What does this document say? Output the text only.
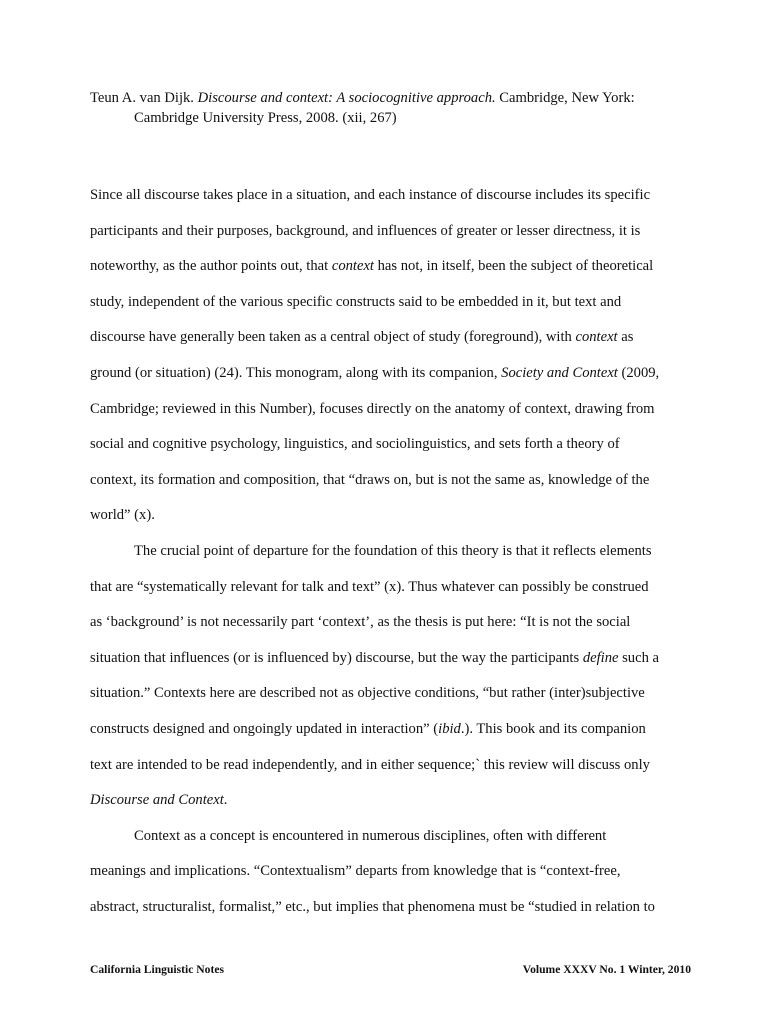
Teun A. van Dijk. Discourse and context: A sociocognitive approach. Cambridge, New York:
Cambridge University Press, 2008. (xii, 267)

Since all discourse takes place in a situation, and each instance of discourse includes its specific

participants and their purposes, background, and influences of greater or lesser directness, it is

noteworthy, as the author points out, that context has not, in itself, been the subject of theoretical

study, independent of the various specific constructs said to be embedded in it, but text and

discourse have generally been taken as a central object of study (foreground), with context as

ground (or situation) (24). This monogram, along with its companion, Society and Context (2009,

Cambridge; reviewed in this Number), focuses directly on the anatomy of context, drawing from

social and cognitive psychology, linguistics, and sociolinguistics, and sets forth a theory of

context, its formation and composition, that “draws on, but is not the same as, knowledge of the

world” (x).

The crucial point of departure for the foundation of this theory is that it reflects elements

that are “systematically relevant for talk and text” (x). Thus whatever can possibly be construed

as ‘background’ is not necessarily part ‘context’, as the thesis is put here: “It is not the social

situation that influences (or is influenced by) discourse, but the way the participants define such a

situation.” Contexts here are described not as objective conditions, “but rather (inter)subjective

constructs designed and ongoingly updated in interaction” (ibid.). This book and its companion

text are intended to be read independently, and in either sequence;` this review will discuss only

Discourse and Context.

Context as a concept is encountered in numerous disciplines, often with different

meanings and implications. “Contextualism” departs from knowledge that is “context-free,

abstract, structuralist, formalist,” etc., but implies that phenomena must be “studied in relation to

California Linguistic Notes	Volume XXXV No. 1 Winter, 2010
